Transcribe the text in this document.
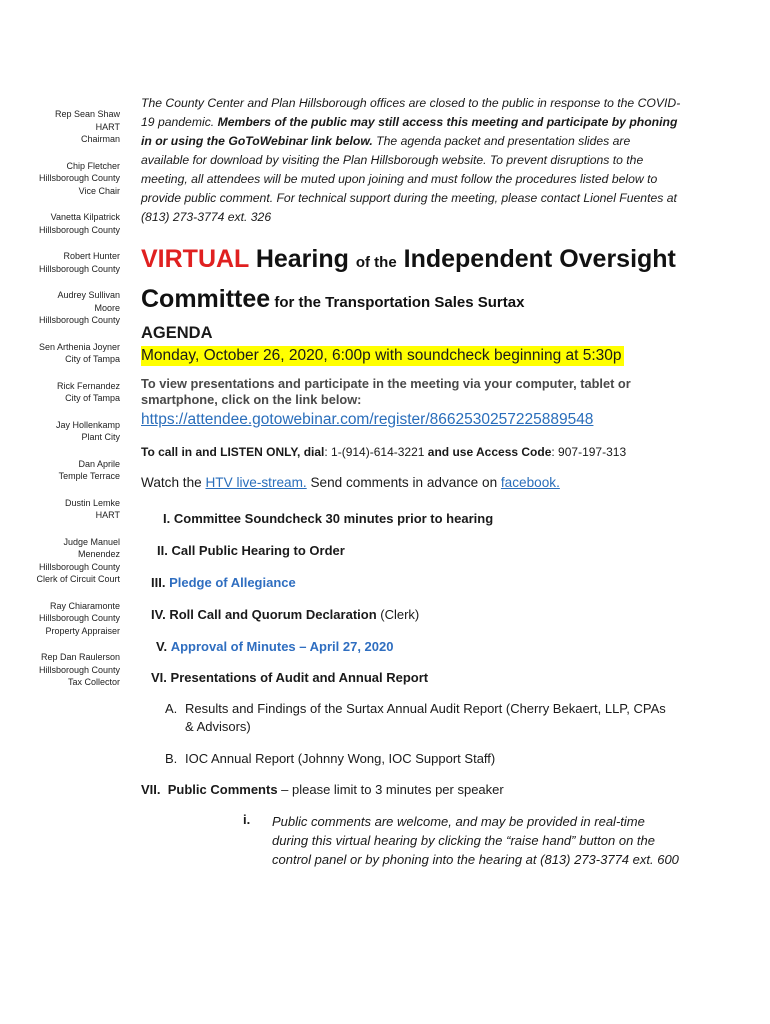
Rep Sean Shaw
HART
Chairman
Chip Fletcher
Hillsborough County
Vice Chair
Vanetta Kilpatrick
Hillsborough County
Robert Hunter
Hillsborough County
Audrey Sullivan
Moore
Hillsborough County
Sen Arthenia Joyner
City of Tampa
Rick Fernandez
City of Tampa
Jay Hollenkamp
Plant City
Dan Aprile
Temple Terrace
Dustin Lemke
HART
Judge Manuel
Menendez
Hillsborough County
Clerk of Circuit Court
Ray Chiaramonte
Hillsborough County
Property Appraiser
Rep Dan Raulerson
Hillsborough County
Tax Collector
The County Center and Plan Hillsborough offices are closed to the public in response to the COVID-19 pandemic. Members of the public may still access this meeting and participate by phoning in or using the GoToWebinar link below. The agenda packet and presentation slides are available for download by visiting the Plan Hillsborough website. To prevent disruptions to the meeting, all attendees will be muted upon joining and must follow the procedures listed below to provide public comment. For technical support during the meeting, please contact Lionel Fuentes at (813) 273-3774 ext. 326
VIRTUAL Hearing of the Independent Oversight
Committee for the Transportation Sales Surtax
AGENDA
Monday, October 26, 2020, 6:00p with soundcheck beginning at 5:30p
To view presentations and participate in the meeting via your computer, tablet or smartphone, click on the link below:
https://attendee.gotowebinar.com/register/8662530257225889548
To call in and LISTEN ONLY, dial: 1-(914)-614-3221 and use Access Code: 907-197-313
Watch the HTV live-stream. Send comments in advance on facebook.
I. Committee Soundcheck 30 minutes prior to hearing
II. Call Public Hearing to Order
III. Pledge of Allegiance
IV. Roll Call and Quorum Declaration (Clerk)
V. Approval of Minutes – April 27, 2020
VI. Presentations of Audit and Annual Report
A. Results and Findings of the Surtax Annual Audit Report (Cherry Bekaert, LLP, CPAs & Advisors)
B. IOC Annual Report (Johnny Wong, IOC Support Staff)
VII. Public Comments – please limit to 3 minutes per speaker
i. Public comments are welcome, and may be provided in real-time during this virtual hearing by clicking the “raise hand” button on the control panel or by phoning into the hearing at (813) 273-3774 ext. 600
